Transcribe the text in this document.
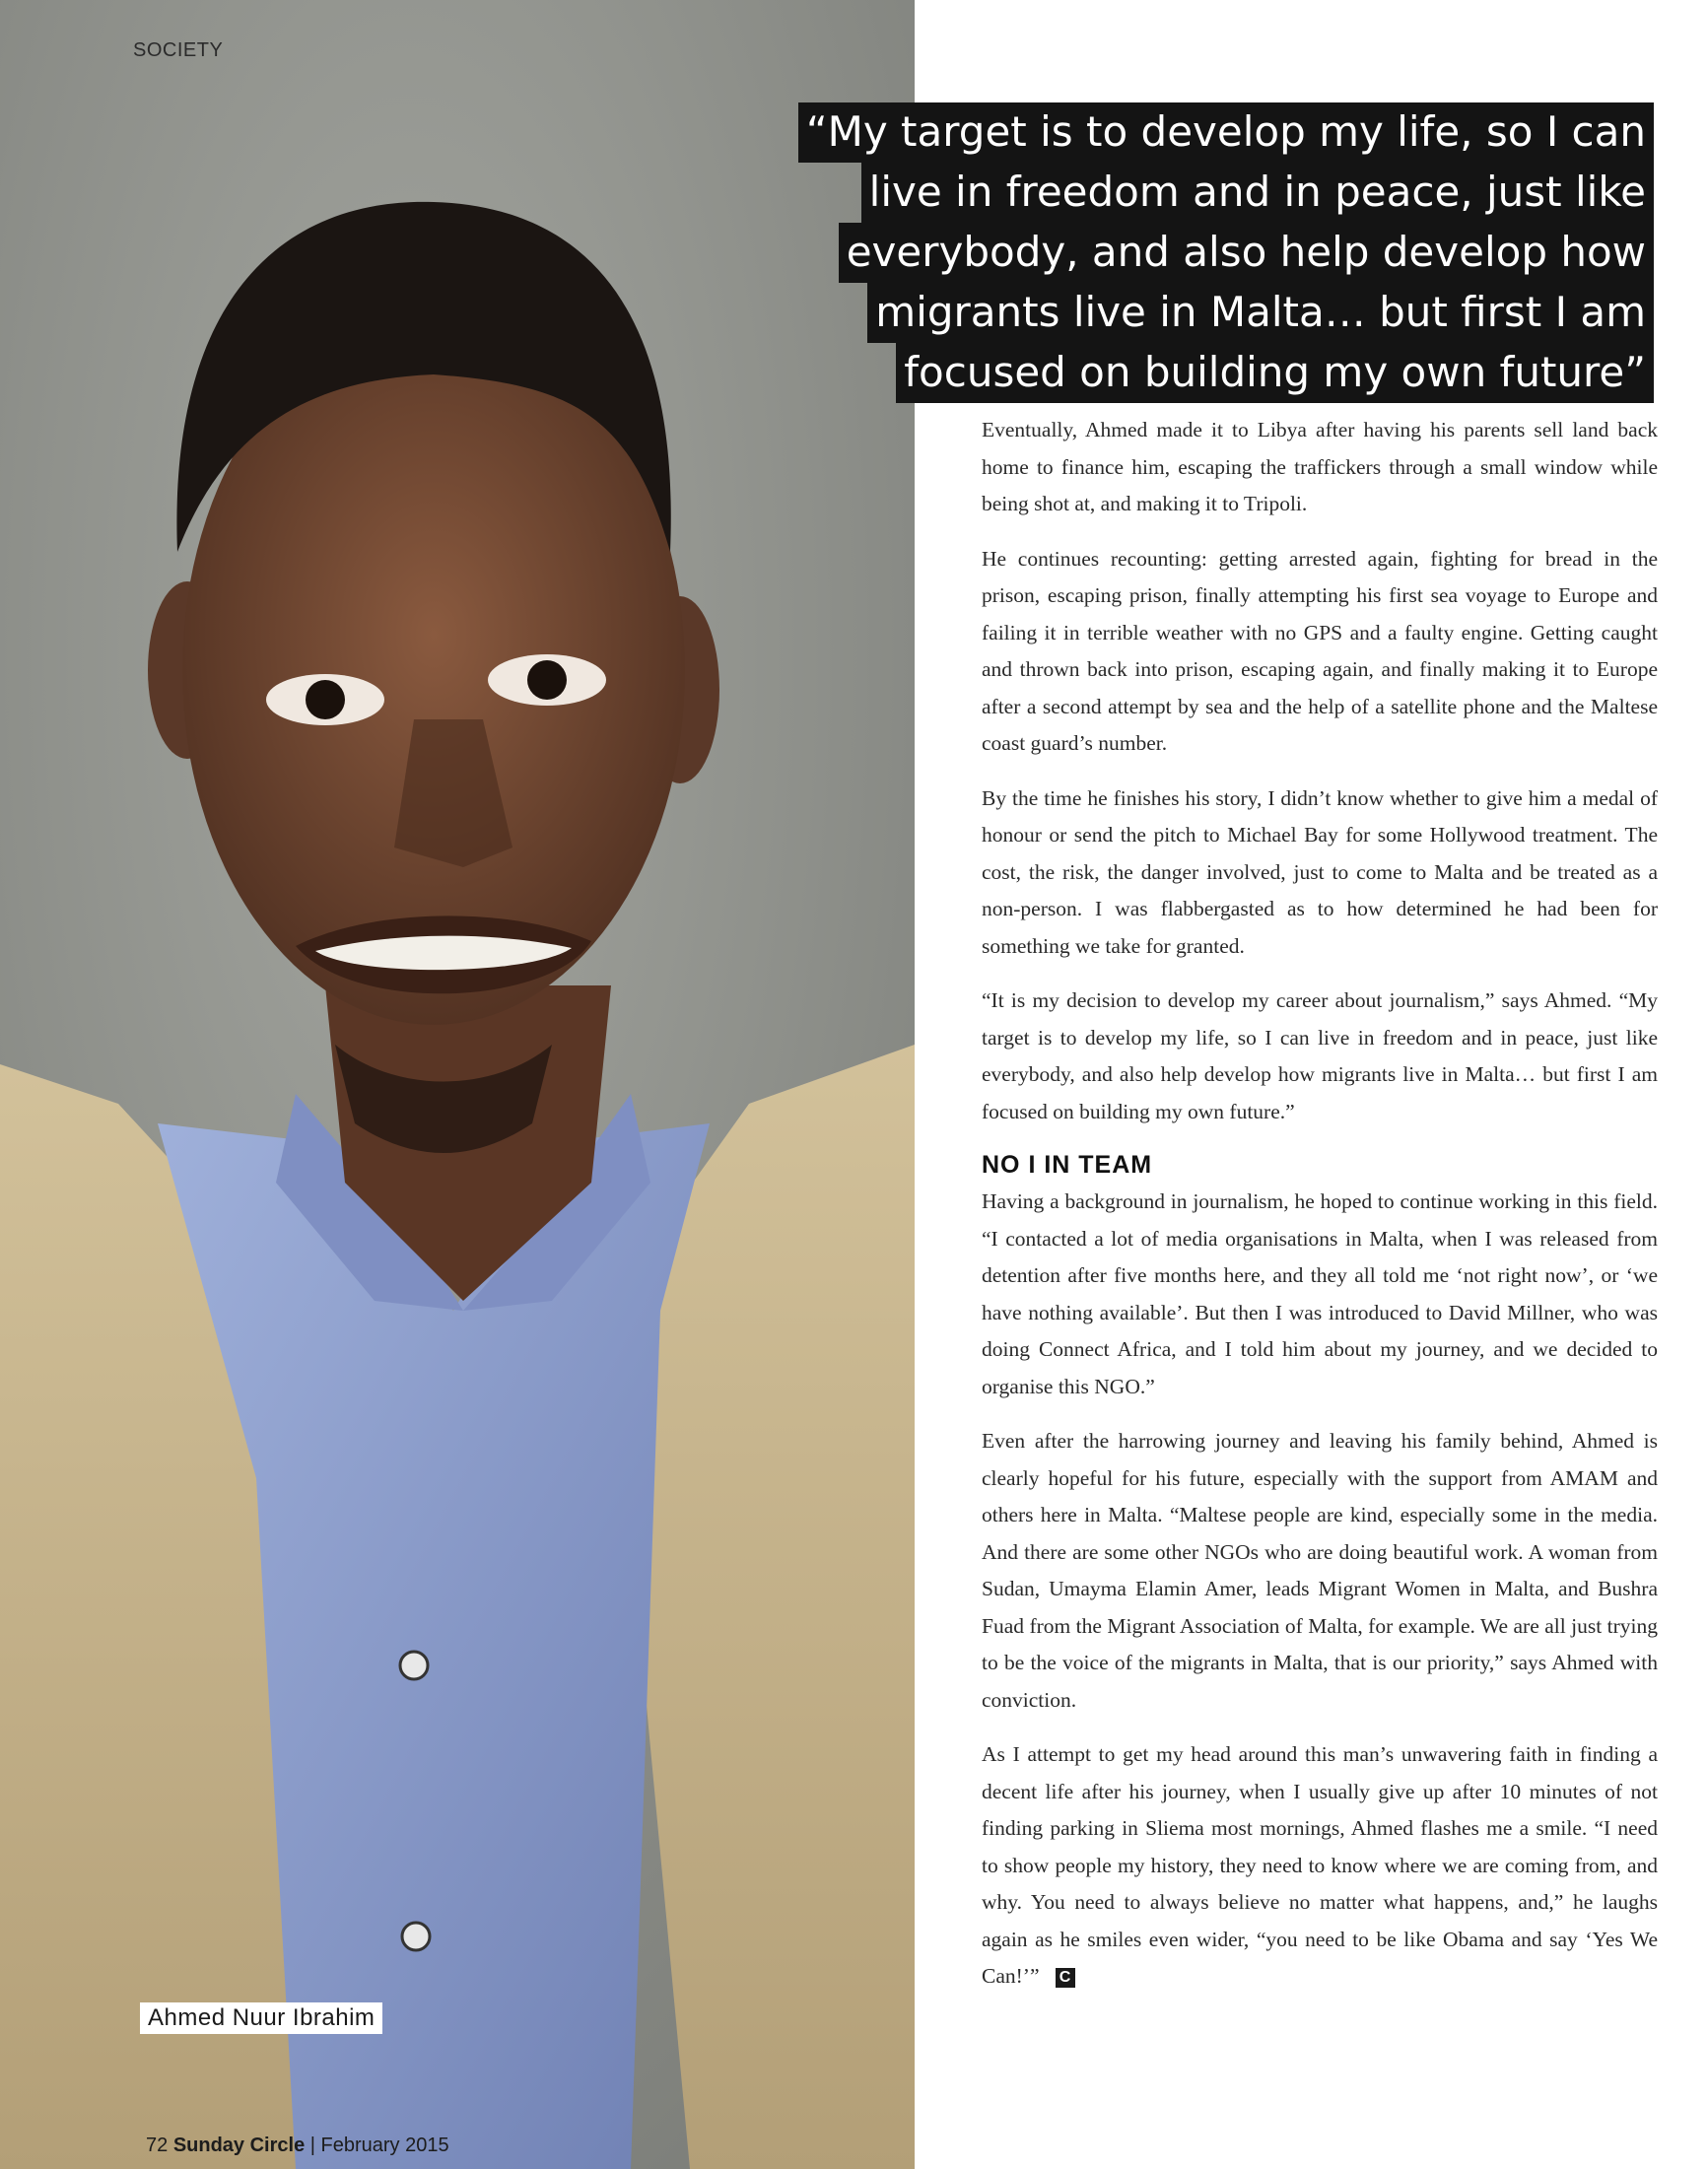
SOCIETY
“My target is to develop my life, so I can
live in freedom and in peace, just like
everybody, and also help develop how
migrants live in Malta… but first I am
focused on building my own future”

Eventually, Ahmed made it to Libya after having his parents sell land back home to finance him, escaping the traffickers through a small window while being shot at, and making it to Tripoli.

He continues recounting: getting arrested again, fighting for bread in the prison, escaping prison, finally attempting his first sea voyage to Europe and failing it in terrible weather with no GPS and a faulty engine. Getting caught and thrown back into prison, escaping again, and finally making it to Europe after a second attempt by sea and the help of a satellite phone and the Maltese coast guard’s number.

By the time he finishes his story, I didn’t know whether to give him a medal of honour or send the pitch to Michael Bay for some Hollywood treatment. The cost, the risk, the danger involved, just to come to Malta and be treated as a non-person. I was flabbergasted as to how determined he had been for something we take for granted.

“It is my decision to develop my career about journalism,” says Ahmed. “My target is to develop my life, so I can live in freedom and in peace, just like everybody, and also help develop how migrants live in Malta… but first I am focused on building my own future.”

NO I IN TEAM

Having a background in journalism, he hoped to continue working in this field. “I contacted a lot of media organisations in Malta, when I was released from detention after five months here, and they all told me ‘not right now’, or ‘we have nothing available’. But then I was introduced to David Millner, who was doing Connect Africa, and I told him about my journey, and we decided to organise this NGO.”

Even after the harrowing journey and leaving his family behind, Ahmed is clearly hopeful for his future, especially with the support from AMAM and others here in Malta. “Maltese people are kind, especially some in the media. And there are some other NGOs who are doing beautiful work. A woman from Sudan, Umayma Elamin Amer, leads Migrant Women in Malta, and Bushra Fuad from the Migrant Association of Malta, for example. We are all just trying to be the voice of the migrants in Malta, that is our priority,” says Ahmed with conviction.

As I attempt to get my head around this man’s unwavering faith in finding a decent life after his journey, when I usually give up after 10 minutes of not finding parking in Sliema most mornings, Ahmed flashes me a smile. “I need to show people my history, they need to know where we are coming from, and why. You need to always believe no matter what happens, and,” he laughs again as he smiles even wider, “you need to be like Obama and say ‘Yes We Can!’” C

Ahmed Nuur Ibrahim
72 Sunday Circle | February 2015
